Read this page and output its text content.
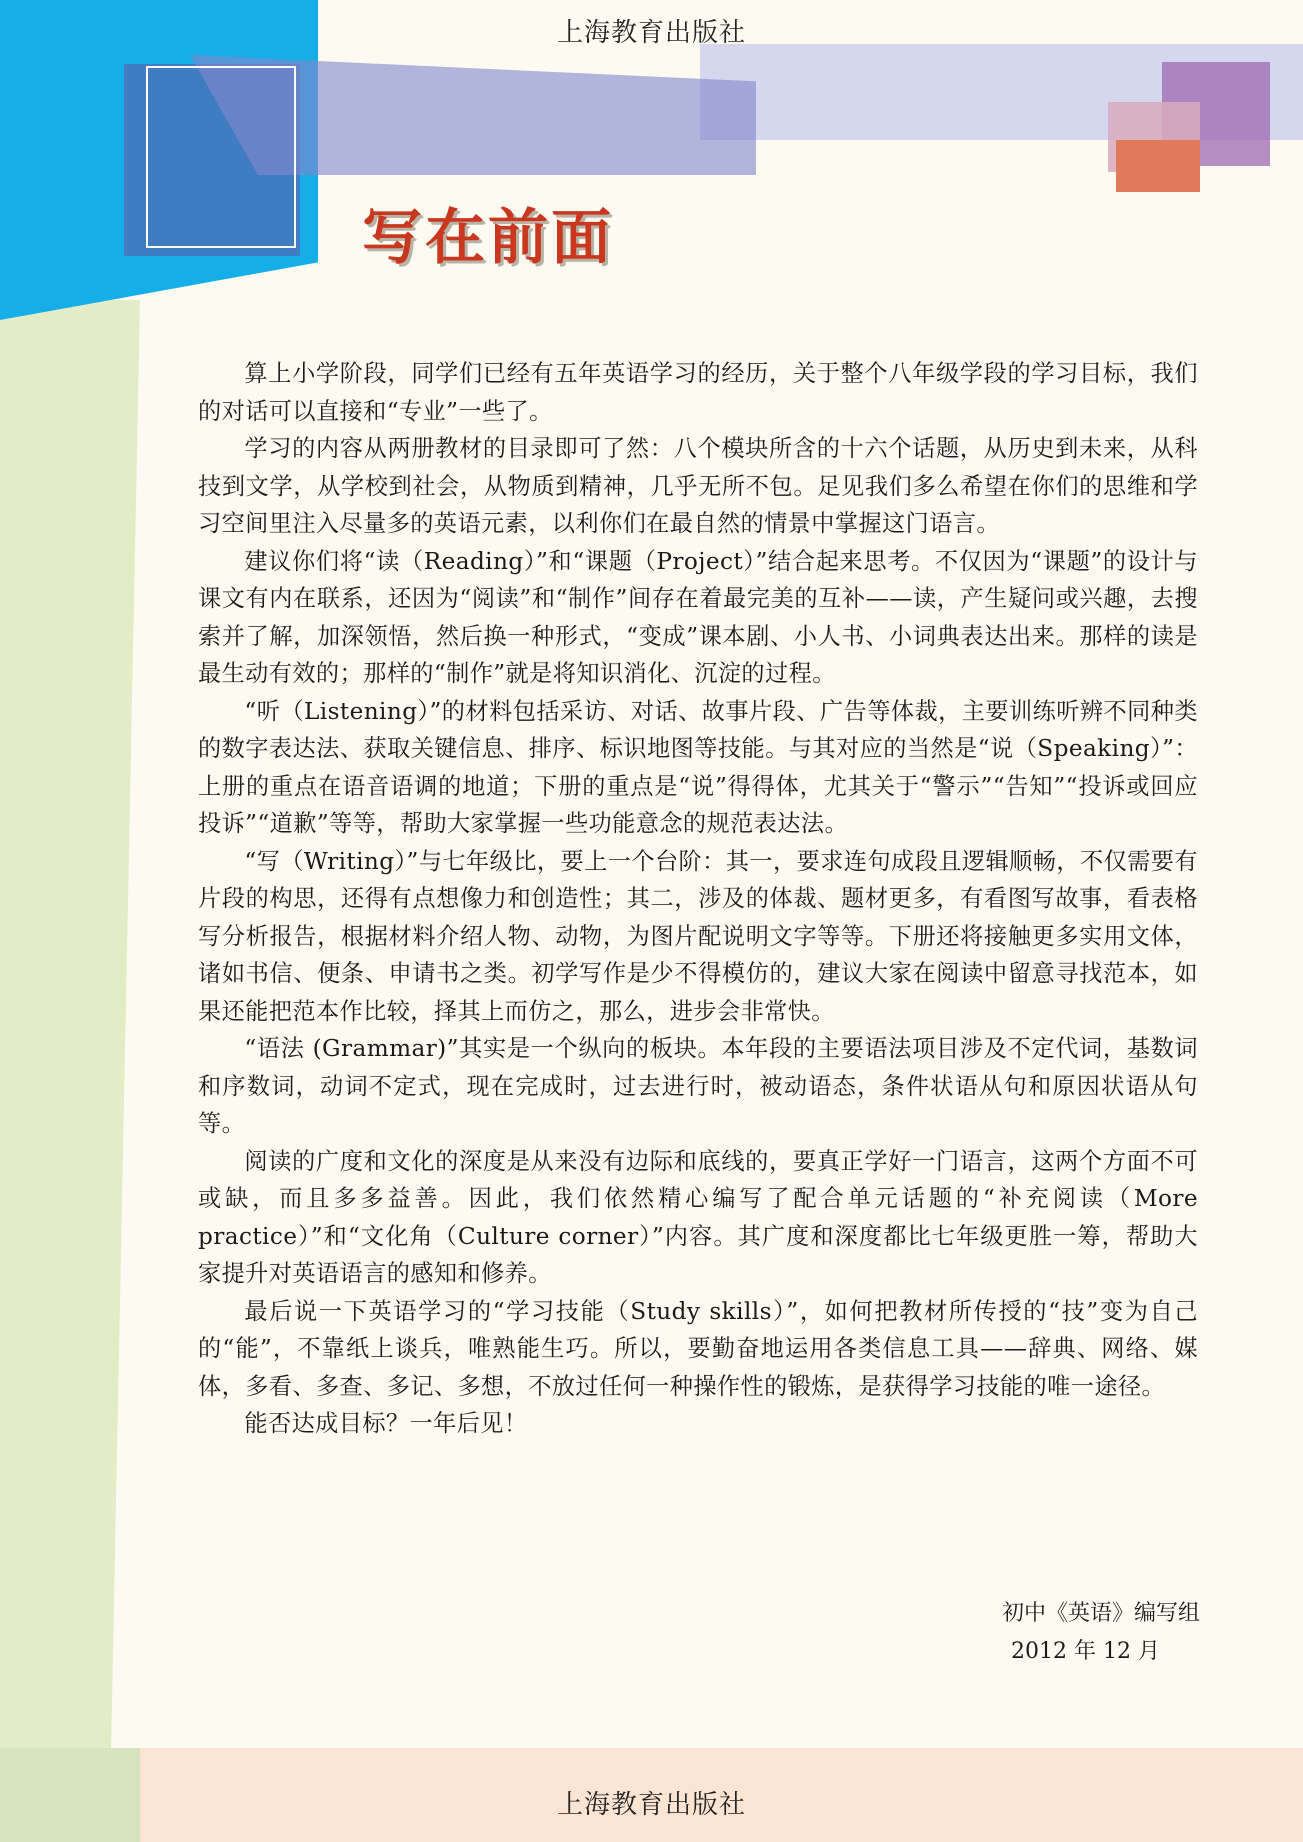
上海教育出版社
写在前面

算上小学阶段，同学们已经有五年英语学习的经历，关于整个八年级学段的学习目标，我们的对话可以直接和“专业”一些了。

学习的内容从两册教材的目录即可了然：八个模块所含的十六个话题，从历史到未来，从科技到文学，从学校到社会，从物质到精神，几乎无所不包。足见我们多么希望在你们的思维和学习空间里注入尽量多的英语元素，以利你们在最自然的情景中掌握这门语言。

建议你们将“读（Reading）”和“课题（Project）”结合起来思考。不仅因为“课题”的设计与课文有内在联系，还因为“阅读”和“制作”间存在着最完美的互补——读，产生疑问或兴趣，去搜索并了解，加深领悟，然后换一种形式，“变成”课本剧、小人书、小词典表达出来。那样的读是最生动有效的；那样的“制作”就是将知识消化、沉淀的过程。

“听（Listening）”的材料包括采访、对话、故事片段、广告等体裁，主要训练听辨不同种类的数字表达法、获取关键信息、排序、标识地图等技能。与其对应的当然是“说（Speaking）”：上册的重点在语音语调的地道；下册的重点是“说”得得体，尤其关于“警示”“告知”“投诉或回应投诉”“道歉”等等，帮助大家掌握一些功能意念的规范表达法。

“写（Writing）”与七年级比，要上一个台阶：其一，要求连句成段且逻辑顺畅，不仅需要有片段的构思，还得有点想像力和创造性；其二，涉及的体裁、题材更多，有看图写故事，看表格写分析报告，根据材料介绍人物、动物，为图片配说明文字等等。下册还将接触更多实用文体，诸如书信、便条、申请书之类。初学写作是少不得模仿的，建议大家在阅读中留意寻找范本，如果还能把范本作比较，择其上而仿之，那么，进步会非常快。

“语法 (Grammar)”其实是一个纵向的板块。本年段的主要语法项目涉及不定代词，基数词和序数词，动词不定式，现在完成时，过去进行时，被动语态，条件状语从句和原因状语从句等。

阅读的广度和文化的深度是从来没有边际和底线的，要真正学好一门语言，这两个方面不可或缺，而且多多益善。因此，我们依然精心编写了配合单元话题的“补充阅读（More practice）”和“文化角（Culture corner）”内容。其广度和深度都比七年级更胜一筹，帮助大家提升对英语语言的感知和修养。

最后说一下英语学习的“学习技能（Study skills）”，如何把教材所传授的“技”变为自己的“能”，不靠纸上谈兵，唯熟能生巧。所以，要勤奋地运用各类信息工具——辞典、网络、媒体，多看、多查、多记、多想，不放过任何一种操作性的锻炼，是获得学习技能的唯一途径。

能否达成目标？一年后见！

初中《英语》编写组
2012 年 12 月
上海教育出版社
